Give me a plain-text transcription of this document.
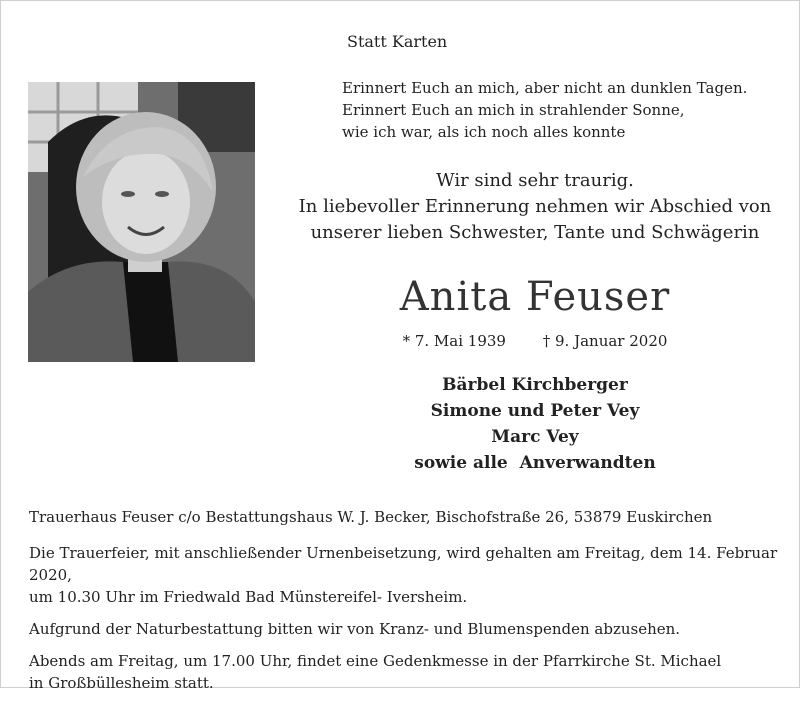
Statt Karten
Erinnert Euch an mich, aber nicht an dunklen Tagen.
Erinnert Euch an mich in strahlender Sonne,
wie ich war, als ich noch alles konnte
Wir sind sehr traurig.
In liebevoller Erinnerung nehmen wir Abschied von
unserer lieben Schwester, Tante und Schwägerin
Anita Feuser
* 7. Mai 1939 † 9. Januar 2020
Bärbel Kirchberger
Simone und Peter Vey
Marc Vey
sowie alle  Anverwandten

Trauerhaus Feuser c/o Bestattungshaus W. J. Becker, Bischofstraße 26, 53879 Euskirchen

Die Trauerfeier, mit anschließender Urnenbeisetzung, wird gehalten am Freitag, dem 14. Februar 2020,
um 10.30 Uhr im Friedwald Bad Münstereifel- Iversheim.

Aufgrund der Naturbestattung bitten wir von Kranz- und Blumenspenden abzusehen.

Abends am Freitag, um 17.00 Uhr, findet eine Gedenkmesse in der Pfarrkirche St. Michael
in Großbüllesheim statt.
